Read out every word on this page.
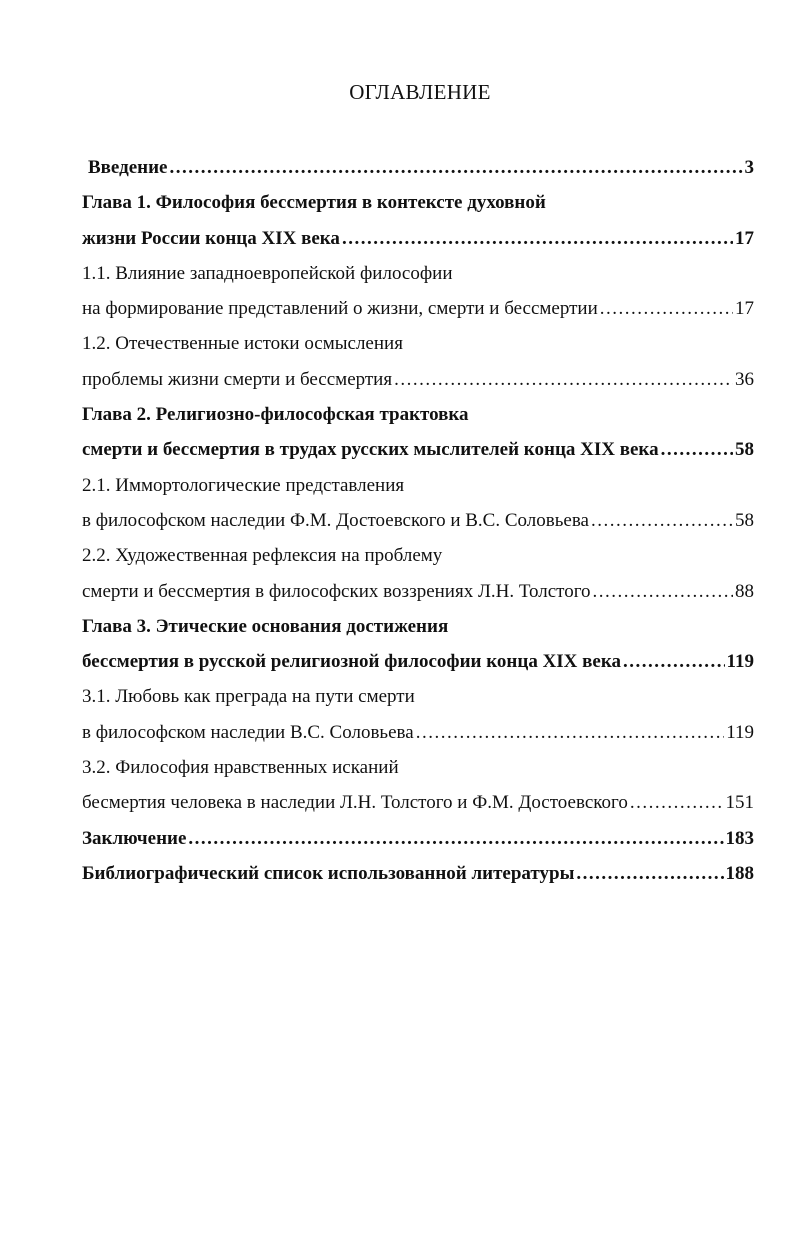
ОГЛАВЛЕНИЕ
Введение .....	3
Глава 1. Философия бессмертия в контексте духовной
жизни России конца XIX века .....	17
1.1. Влияние западноевропейской философии
на формирование представлений о жизни, смерти и бессмертии .....	17
1.2. Отечественные истоки осмысления
проблемы жизни смерти и бессмертия .....	36
Глава 2. Религиозно-философская трактовка
смерти и бессмертия в трудах русских мыслителей конца XIX века .....	58
2.1. Иммортологические представления
в философском наследии Ф.М. Достоевского и В.С. Соловьева .....	58
2.2. Художественная рефлексия на проблему
смерти и бессмертия в философских воззрениях Л.Н. Толстого .....	88
Глава 3. Этические основания достижения
бессмертия в русской религиозной философии конца XIX века .....	119
3.1. Любовь как преграда на пути смерти
в философском наследии В.С. Соловьева .....	119
3.2. Философия нравственных исканий
бесмертия человека в наследии Л.Н. Толстого и Ф.М. Достоевского .....	151
Заключение .....	183
Библиографический список использованной литературы .....	188
